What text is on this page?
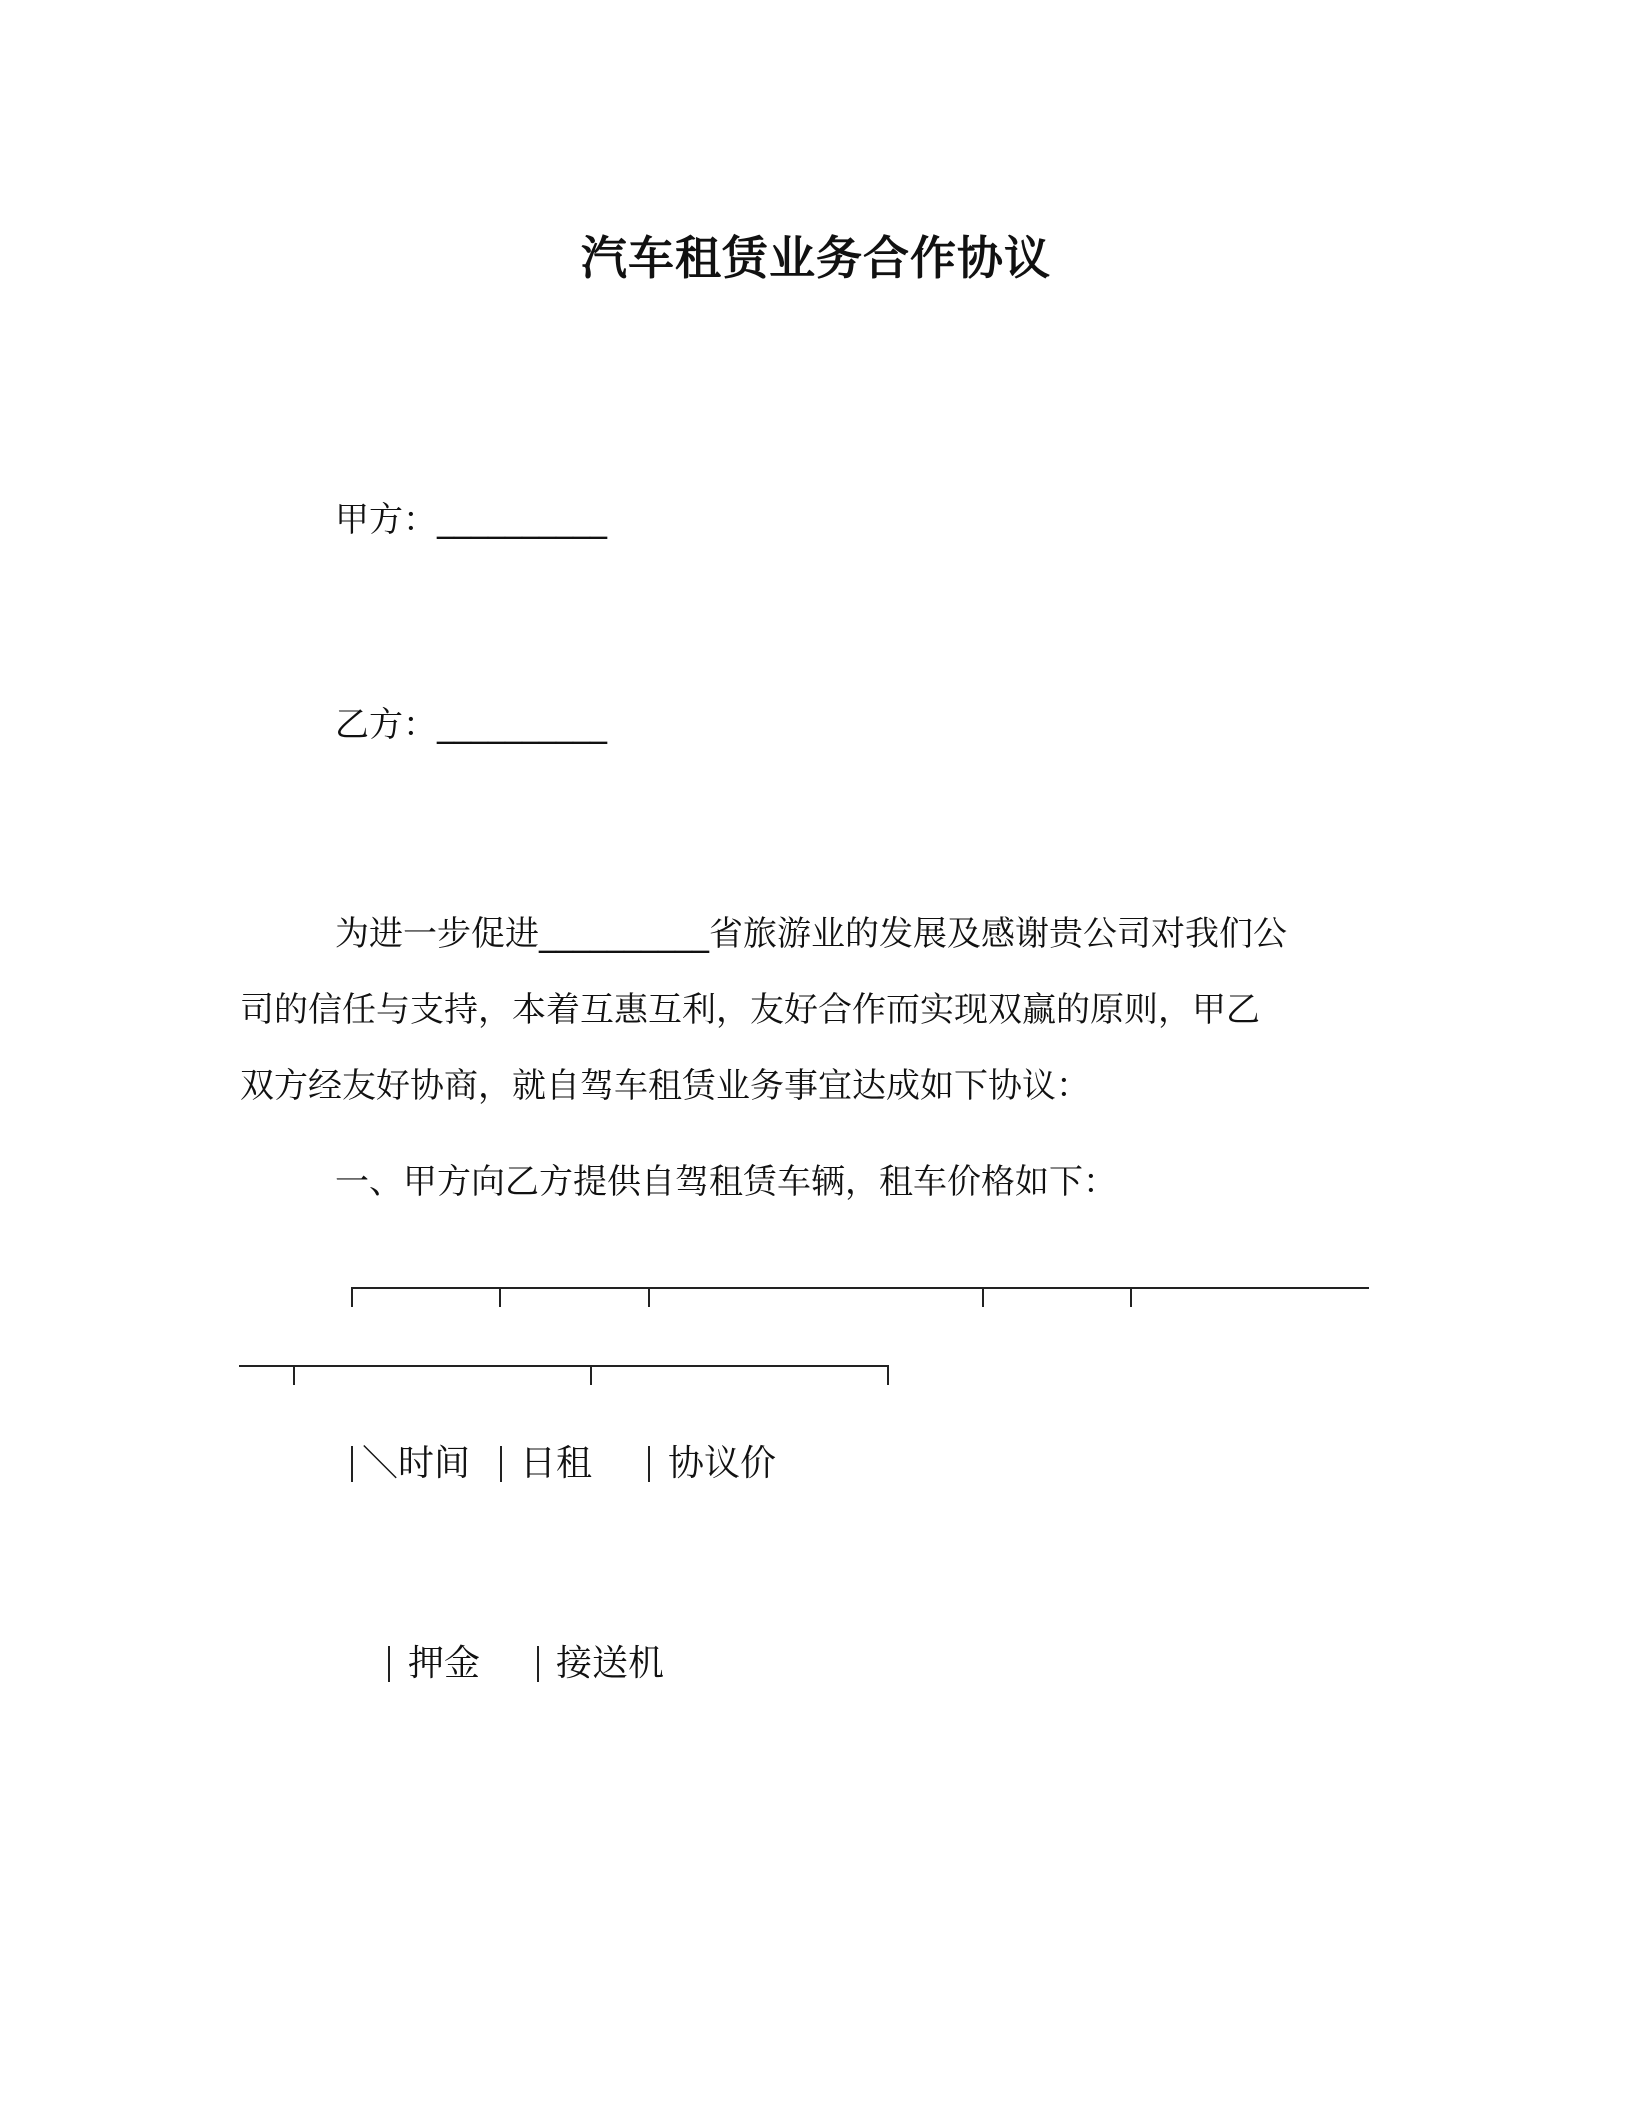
汽车租赁业务合作协议
甲方：__________
乙方：__________
为进一步促进__________省旅游业的发展及感谢贵公司对我们公
司的信任与支持，本着互惠互利，友好合作而实现双赢的原则，甲乙
双方经友好协商，就自驾车租赁业务事宜达成如下协议：
一、甲方向乙方提供自驾租赁车辆，租车价格如下：
＼时间 日租 协议价
押金 接送机
